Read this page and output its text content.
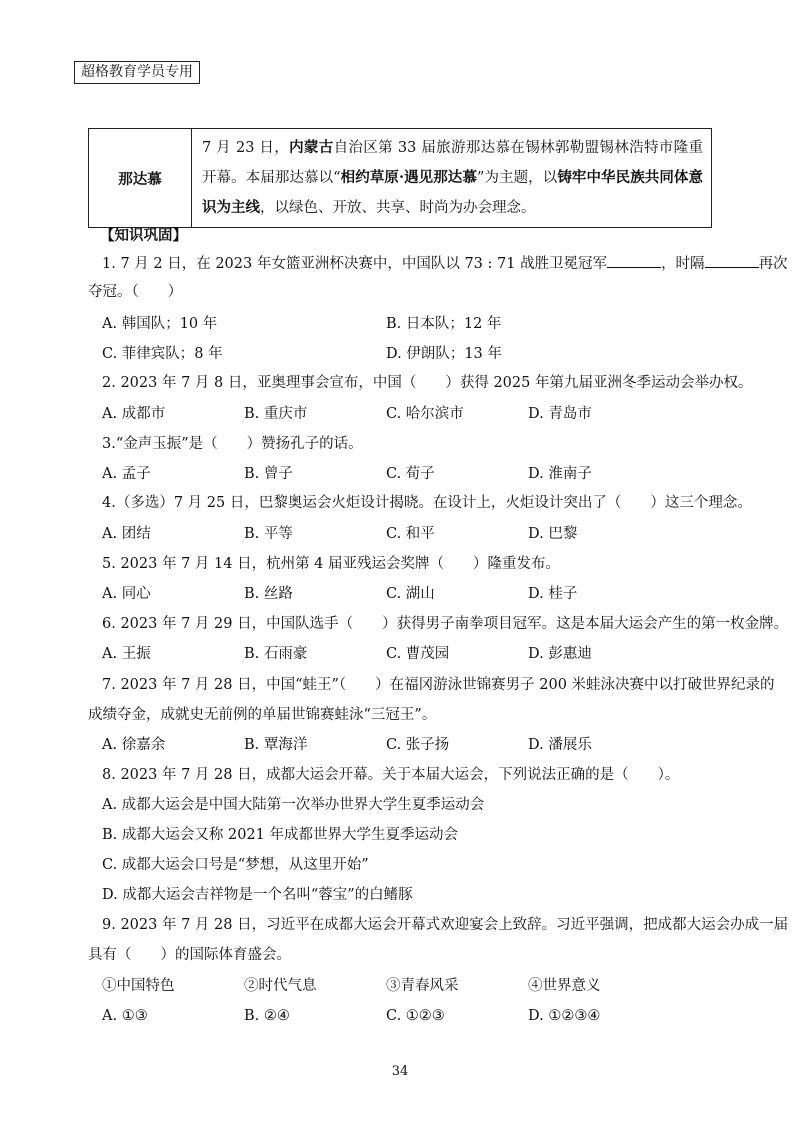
超格教育学员专用
那达慕	7 月 23 日，内蒙古自治区第 33 届旅游那达慕在锡林郭勒盟锡林浩特市隆重开幕。本届那达慕以“相约草原·遇见那达慕”为主题，以铸牢中华民族共同体意识为主线，以绿色、开放、共享、时尚为办会理念。
【知识巩固】
1. 7 月 2 日，在 2023 年女篮亚洲杯决赛中，中国队以 73 : 71 战胜卫冕冠军	，时隔	再次
夺冠。（　　）
A. 韩国队；10 年	B. 日本队；12 年
C. 菲律宾队；8 年	D. 伊朗队；13 年
2. 2023 年 7 月 8 日，亚奥理事会宣布，中国（　　）获得 2025 年第九届亚洲冬季运动会举办权。
A. 成都市	B. 重庆市	C. 哈尔滨市	D. 青岛市
3.“金声玉振”是（　　）赞扬孔子的话。
A. 孟子	B. 曾子	C. 荀子	D. 淮南子
4.（多选）7 月 25 日，巴黎奥运会火炬设计揭晓。在设计上，火炬设计突出了（　　）这三个理念。
A. 团结	B. 平等	C. 和平	D. 巴黎
5. 2023 年 7 月 14 日，杭州第 4 届亚残运会奖牌（　　）隆重发布。
A. 同心	B. 丝路	C. 湖山	D. 桂子
6. 2023 年 7 月 29 日，中国队选手（　　）获得男子南拳项目冠军。这是本届大运会产生的第一枚金牌。
A. 王振	B. 石雨豪	C. 曹茂园	D. 彭惠迪
7. 2023 年 7 月 28 日，中国“蛙王”（　　）在福冈游泳世锦赛男子 200 米蛙泳决赛中以打破世界纪录的
成绩夺金，成就史无前例的单届世锦赛蛙泳“三冠王”。
A. 徐嘉余	B. 覃海洋	C. 张子扬	D. 潘展乐
8. 2023 年 7 月 28 日，成都大运会开幕。关于本届大运会，下列说法正确的是（　　）。
A. 成都大运会是中国大陆第一次举办世界大学生夏季运动会
B. 成都大运会又称 2021 年成都世界大学生夏季运动会
C. 成都大运会口号是“梦想，从这里开始”
D. 成都大运会吉祥物是一个名叫“蓉宝”的白鳍豚
9. 2023 年 7 月 28 日，习近平在成都大运会开幕式欢迎宴会上致辞。习近平强调，把成都大运会办成一届
具有（　　）的国际体育盛会。
①中国特色	②时代气息	③青春风采	④世界意义
A. ①③	B. ②④	C. ①②③	D. ①②③④
34
